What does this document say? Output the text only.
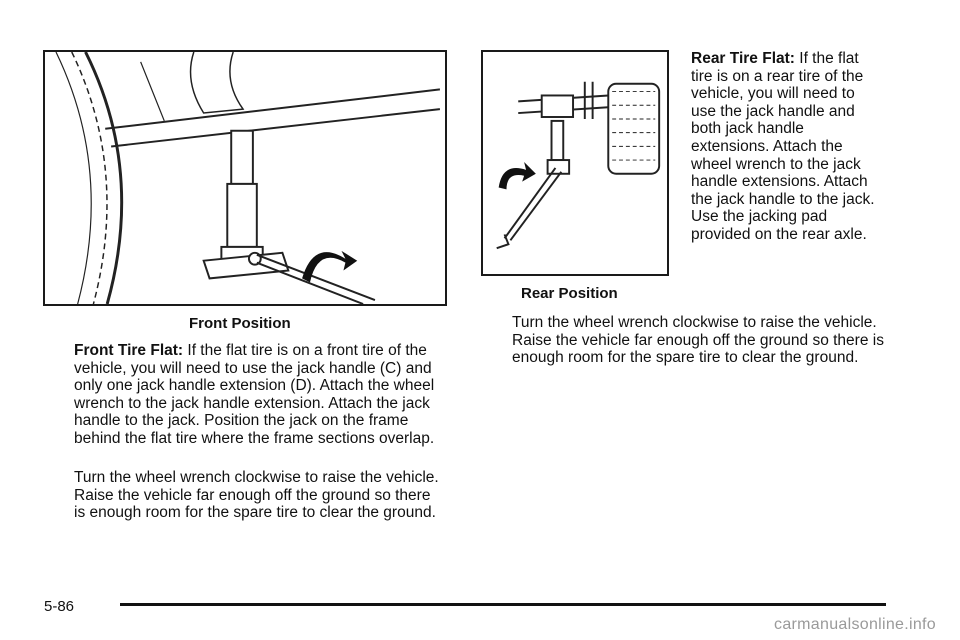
Front Position
Rear Position

Front Tire Flat: If the flat tire is on a front tire of the vehicle, you will need to use the jack handle (C) and only one jack handle extension (D). Attach the wheel wrench to the jack handle extension. Attach the jack handle to the jack. Position the jack on the frame behind the flat tire where the frame sections overlap.

Turn the wheel wrench clockwise to raise the vehicle. Raise the vehicle far enough off the ground so there is enough room for the spare tire to clear the ground.

Rear Tire Flat: If the flat tire is on a rear tire of the vehicle, you will need to use the jack handle and both jack handle extensions. Attach the wheel wrench to the jack handle extensions. Attach the jack handle to the jack. Use the jacking pad provided on the rear axle.

Turn the wheel wrench clockwise to raise the vehicle. Raise the vehicle far enough off the ground so there is enough room for the spare tire to clear the ground.

5-86
carmanualsonline.info
